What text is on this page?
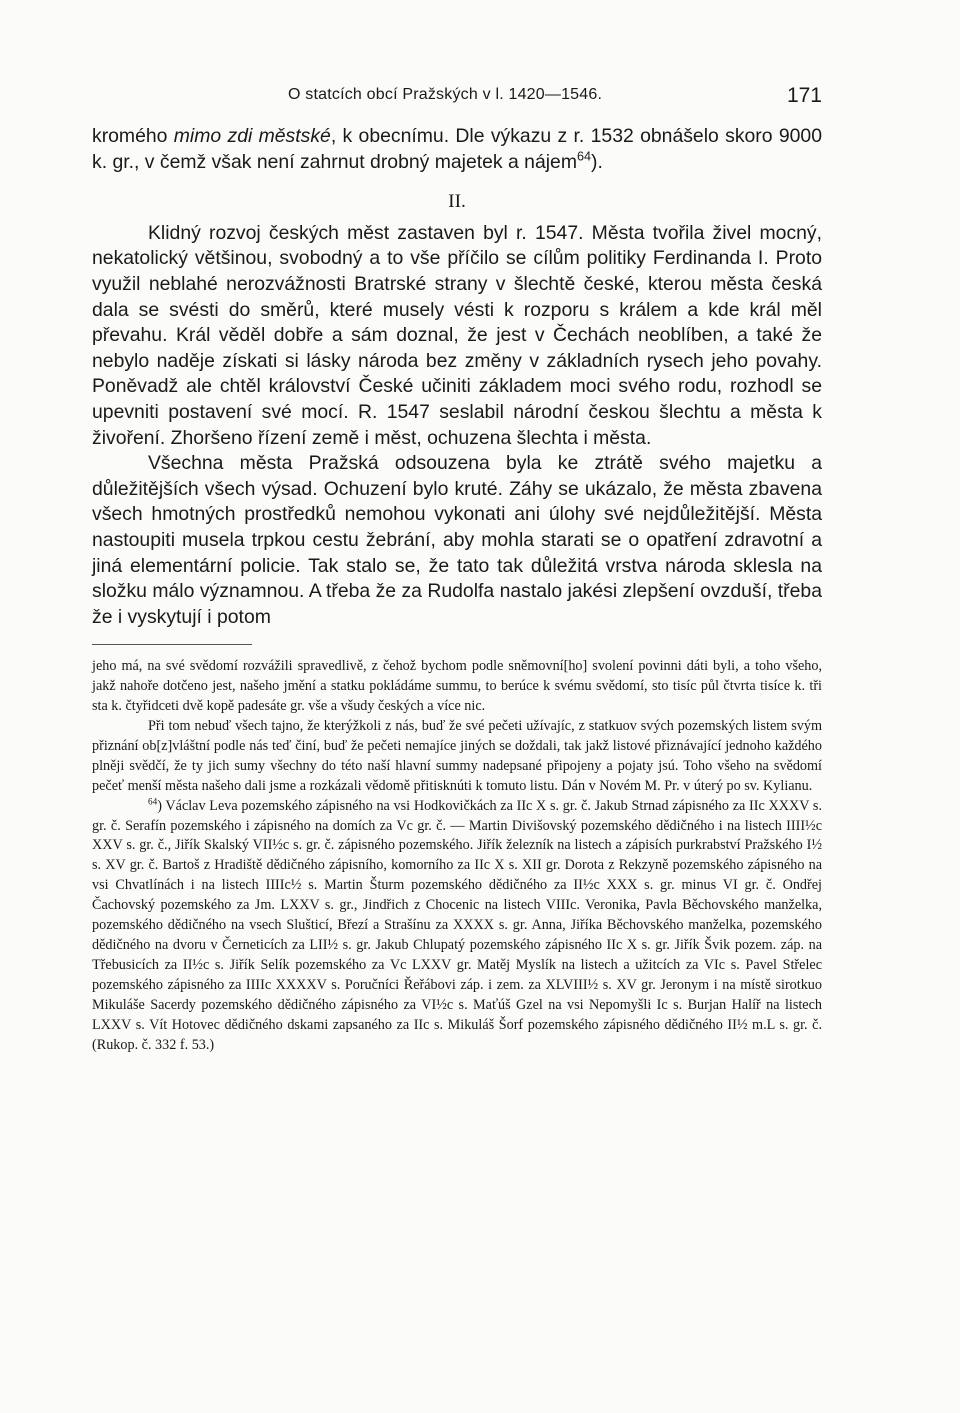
O statcích obcí Pražských v l. 1420—1546.	171

kromého mimo zdi městské, k obecnímu. Dle výkazu z r. 1532 obnášelo skoro 9000 k. gr., v čemž však není zahrnut drobný majetek a nájem$^{64}$).

II.

Klidný rozvoj českých měst zastaven byl r. 1547. Města tvořila živel mocný, nekatolický většinou, svobodný a to vše příčilo se cílům politiky Ferdinanda I. Proto využil neblahé nerozvážnosti Bratrské strany v šlechtě české, kterou města česká dala se svésti do směrů, které musely vésti k rozporu s králem a kde král měl převahu. Král věděl dobře a sám doznal, že jest v Čechách neoblíben, a také že nebylo naděje získati si lásky národa bez změny v základních rysech jeho povahy. Poněvadž ale chtěl království České učiniti základem moci svého rodu, rozhodl se upevniti postavení své mocí. R. 1547 seslabil národní českou šlechtu a města k živoření. Zhoršeno řízení země i měst, ochuzena šlechta i města.

Všechna města Pražská odsouzena byla ke ztrátě svého majetku a důležitějších všech výsad. Ochuzení bylo kruté. Záhy se ukázalo, že města zbavena všech hmotných prostředků nemohou vykonati ani úlohy své nejdůležitější. Města nastoupiti musela trpkou cestu žebrání, aby mohla starati se o opatření zdravotní a jiná elementární policie. Tak stalo se, že tato tak důležitá vrstva národa sklesla na složku málo významnou. A třeba že za Rudolfa nastalo jakési zlepšení ovzduší, třeba že i vyskytují i potom

jeho má, na své svědomí rozvážili spravedlivě, z čehož bychom podle sněmovní[ho] svolení povinni dáti byli, a toho všeho, jakž nahoře dotčeno jest, našeho jmění a statku pokládáme summu, to berúce k svému svědomí, sto tisíc půl čtvrta tisíce k. tři sta k. čtyřidceti dvě kopě padesáte gr. vše a všudy českých a více nic.

Při tom nebuď všech tajno, že kterýžkoli z nás, buď že své pečeti užívajíc, z statkuov svých pozemských listem svým přiznání ob[z]vláštní podle nás teď činí, buď že pečeti nemajíce jiných se doždali, tak jakž listové přiznávající jednoho každého plněji svědčí, že ty jich sumy všechny do této naší hlavní summy nadepsané připojeny a pojaty jsú. Toho všeho na svědomí pečeť menší města našeho dali jsme a rozkázali vědomě přitisknúti k tomuto listu. Dán v Novém M. Pr. v úterý po sv. Kylianu.

$^{64}$) Václav Leva pozemského zápisného na vsi Hodkovičkách za IIc X s. gr. č. Jakub Strnad zápisného za IIc XXXV s. gr. č. Serafín pozemského i zápisného na domích za Vc gr. č. — Martin Divišovský pozemského dědičného i na listech IIII½c XXV s. gr. č., Jiřík Skalský VII½c s. gr. č. zápisného pozemského. Jiřík železník na listech a zápisích purkrabství Pražského I½ s. XV gr. č. Bartoš z Hradiště dědičného zápisního, komorního za IIc X s. XII gr. Dorota z Rekzyně pozemského zápisného na vsi Chvatlínách i na listech IIIIc½ s. Martin Šturm pozemského dědičného za II½c XXX s. gr. minus VI gr. č. Ondřej Čachovský pozemského za Jm. LXXV s. gr., Jindřich z Chocenic na listech VIIIc. Veronika, Pavla Běchovského manželka, pozemského dědičného na vsech Slušticí, Březí a Strašínu za XXXX s. gr. Anna, Jiříka Běchovského manželka, pozemského dědičného na dvoru v Černeticích za LII½ s. gr. Jakub Chlupatý pozemského zápisného IIc X s. gr. Jiřík Švik pozem. záp. na Třebusicích za II½c s. Jiřík Selík pozemského za Vc LXXV gr. Matěj Myslík na listech a užitcích za VIc s. Pavel Střelec pozemského zápisného za IIIIc XXXXV s. Poručníci Řeřábovi záp. i zem. za XLVIII½ s. XV gr. Jeronym i na místě sirotkuo Mikuláše Sacerdy pozemského dědičného zápisného za VI½c s. Maťúš Gzel na vsi Nepomyšli Ic s. Burjan Halíř na listech LXXV s. Vít Hotovec dědičného dskami zapsaného za IIc s. Mikuláš Šorf pozemského zápisného dědičného II½ m.L s. gr. č. (Rukop. č. 332 f. 53.)
